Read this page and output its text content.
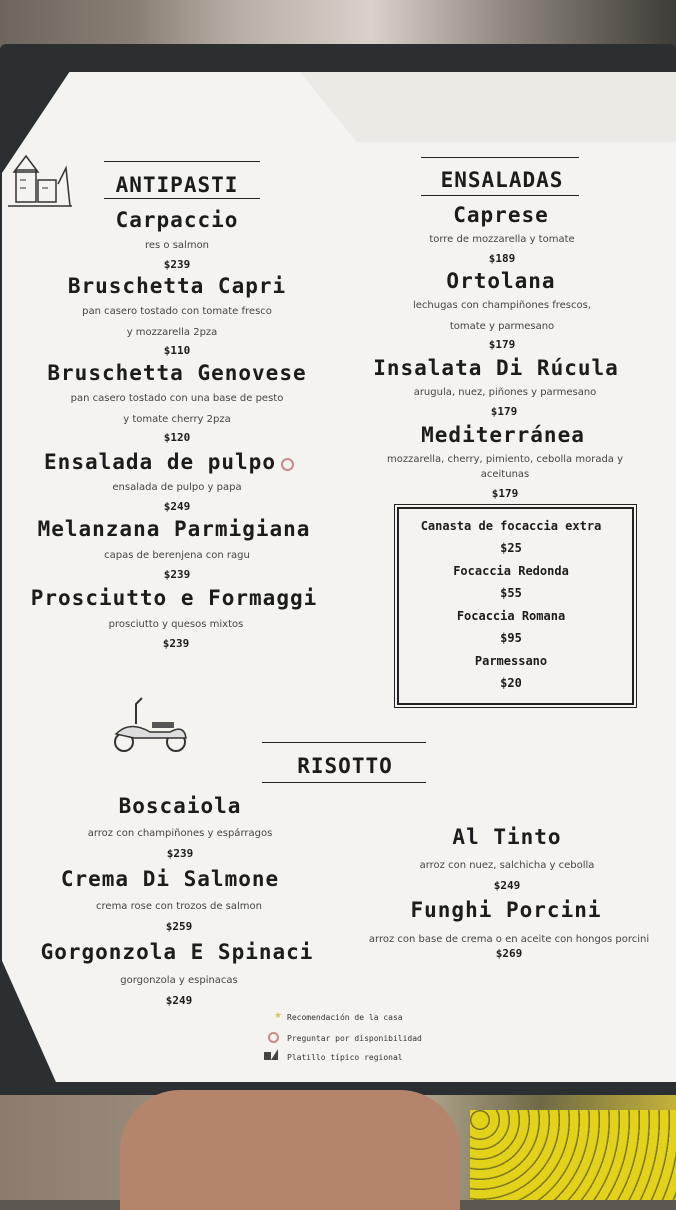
ANTIPASTI
Carpaccio
res o salmon
$239
Bruschetta Capri
pan casero tostado con tomate fresco
y mozzarella 2pza
$110
Bruschetta Genovese
pan casero tostado con una base de pesto
y tomate cherry 2pza
$120
Ensalada de pulpo
ensalada de pulpo y papa
$249
Melanzana Parmigiana
capas de berenjena con ragu
$239
Prosciutto e Formaggi
prosciutto y quesos mixtos
$239
ENSALADAS
Caprese
torre de mozzarella y tomate
$189
Ortolana
lechugas con champiñones frescos,
tomate y parmesano
$179
Insalata Di Rúcula
arugula, nuez, piñones y parmesano
$179
Mediterránea
mozzarella, cherry, pimiento, cebolla morada y
aceitunas
$179
Canasta de focaccia extra
$25
Focaccia Redonda
$55
Focaccia Romana
$95
Parmessano
$20
RISOTTO
Boscaiola
arroz con champiñones y espárragos
$239
Crema Di Salmone
crema rose con trozos de salmon
$259
Gorgonzola E Spinaci
gorgonzola y espinacas
$249
Al Tinto
arroz con nuez, salchicha y cebolla
$249
Funghi Porcini
arroz con base de crema o en aceite con hongos porcini
$269
★ Recomendación de la casa
Preguntar por disponibilidad
Platillo típico regional
